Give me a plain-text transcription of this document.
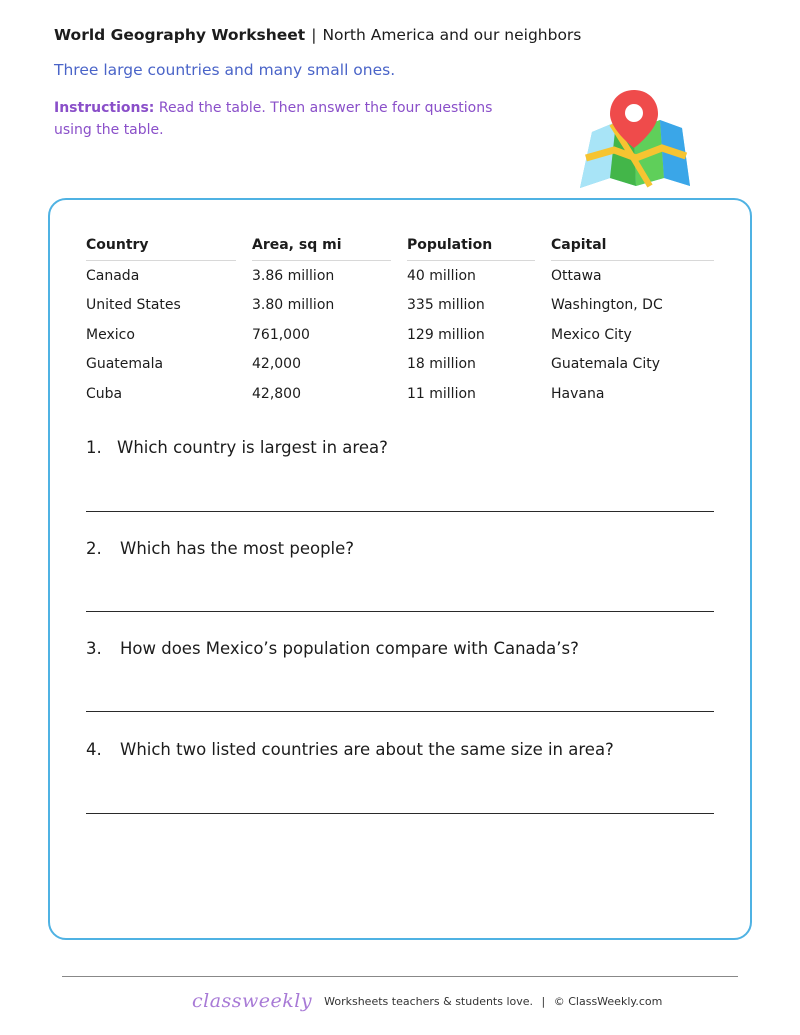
World Geography Worksheet | North America and our neighbors
Three large countries and many small ones.
Instructions: Read the table. Then answer the four questions using the table.
Country	Area, sq mi	Population	Capital

Canada	3.86 million	40 million	Ottawa
United States	3.80 million	335 million	Washington, DC
Mexico	761,000	129 million	Mexico City
Guatemala	42,000	18 million	Guatemala City
Cuba	42,800	11 million	Havana
1. Which country is largest in area?
2. Which has the most people?
3. How does Mexico’s population compare with Canada’s?
4. Which two listed countries are about the same size in area?
classweekly Worksheets teachers & students love. | © ClassWeekly.com
